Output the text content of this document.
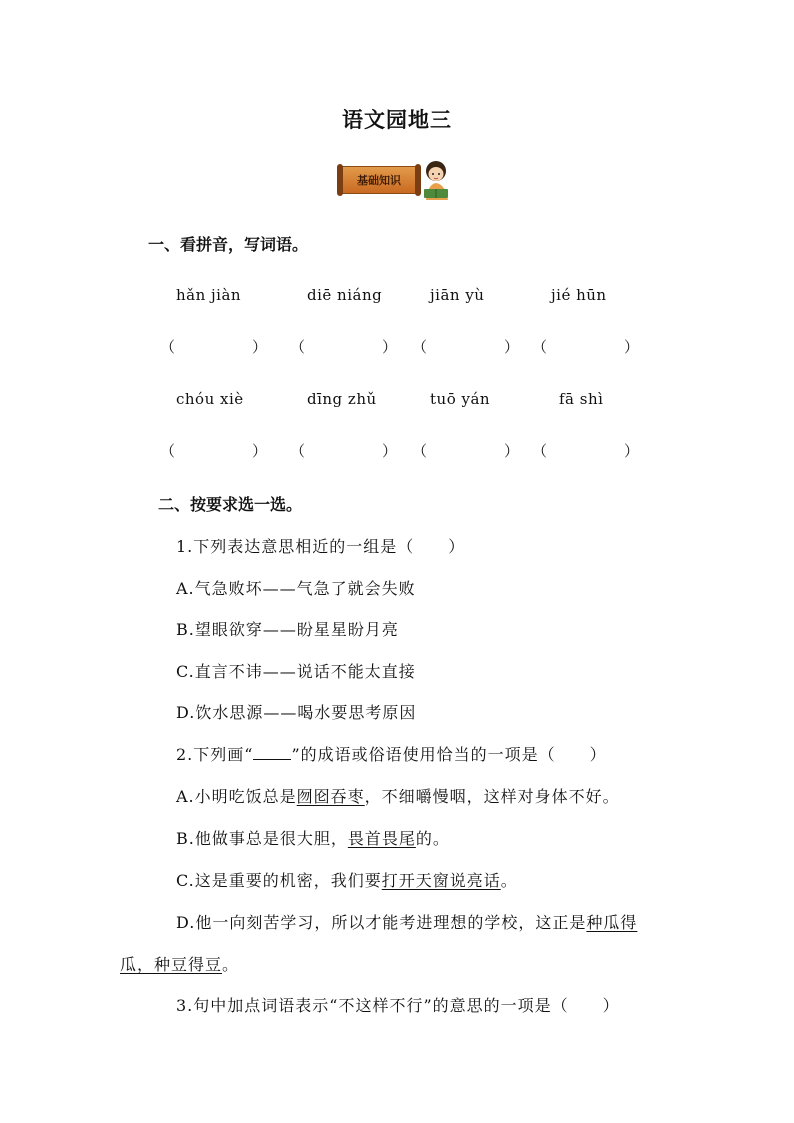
语文园地三
基础知识
一、看拼音，写词语。
hǎn jiàn	diē niáng	jiān yù	jié hūn
（	） （	） （	） （	）
chóu xiè	dīng zhǔ	tuō yán	fā shì
（	） （	） （	） （	）
二、按要求选一选。
1.下列表达意思相近的一组是（　　）
A.气急败坏——气急了就会失败
B.望眼欲穿——盼星星盼月亮
C.直言不讳——说话不能太直接
D.饮水思源——喝水要思考原因
2.下列画“ ”的成语或俗语使用恰当的一项是（　　）
A.小明吃饭总是囫囵吞枣，不细嚼慢咽，这样对身体不好。
B.他做事总是很大胆，畏首畏尾的。
C.这是重要的机密，我们要打开天窗说亮话。
D.他一向刻苦学习，所以才能考进理想的学校，这正是种瓜得
瓜，种豆得豆。
3.句中加点词语表示“不这样不行”的意思的一项是（　　）
